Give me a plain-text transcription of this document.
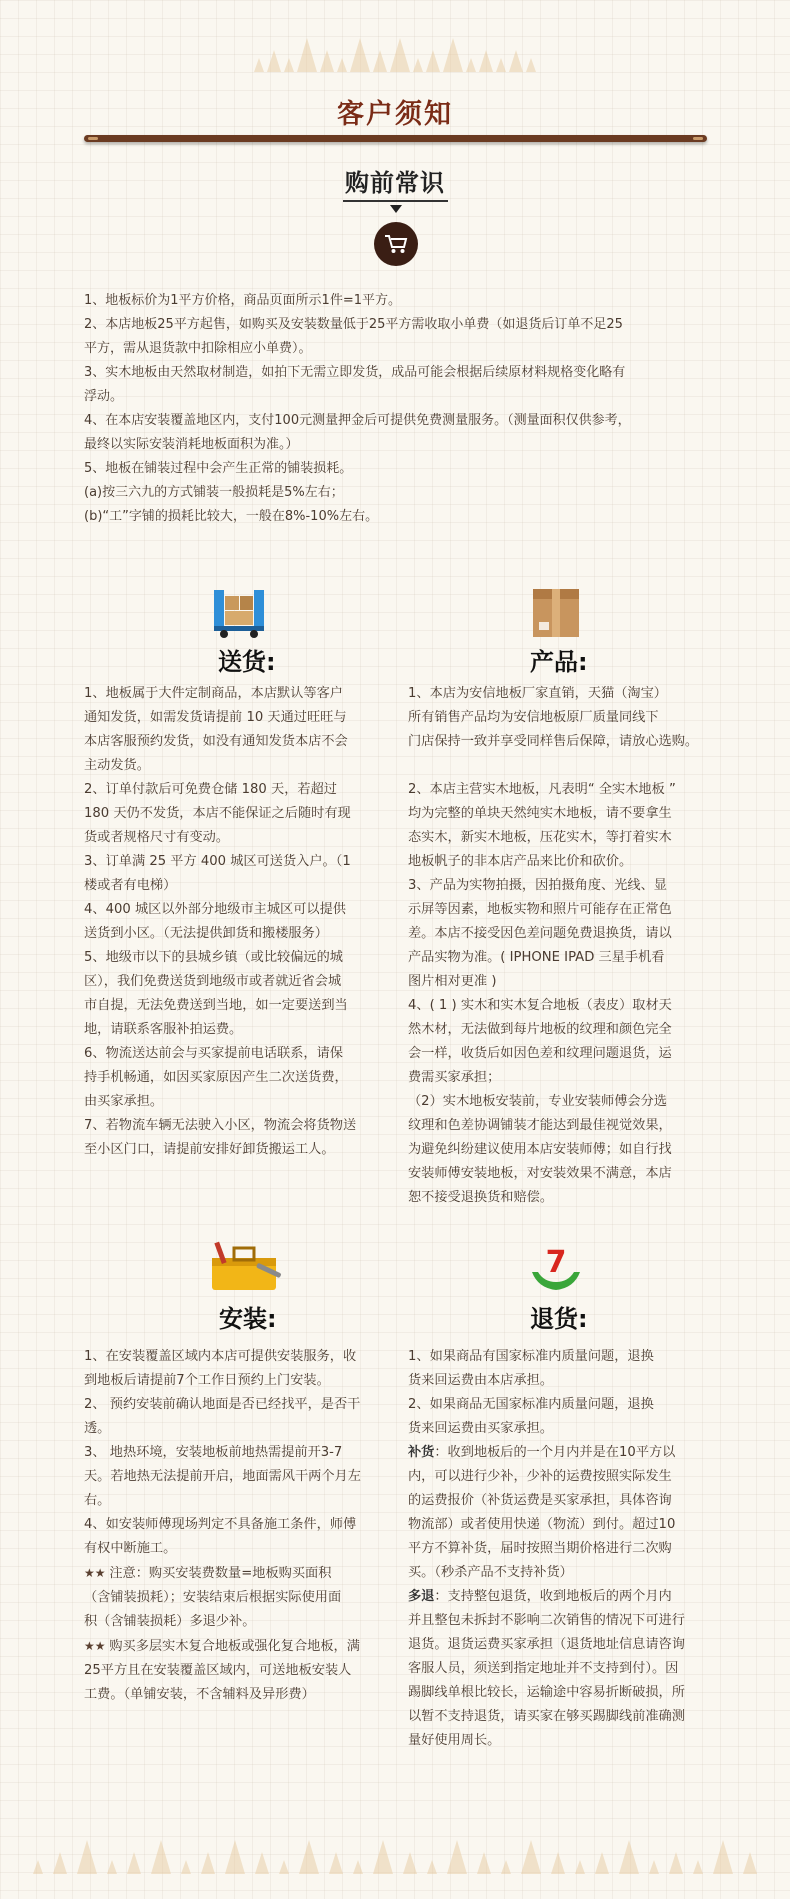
客户须知
购前常识

1、地板标价为1平方价格，商品页面所示1件=1平方。

2、本店地板25平方起售，如购买及安装数量低于25平方需收取小单费（如退货后订单不足25

平方，需从退货款中扣除相应小单费）。

3、实木地板由天然取材制造，如拍下无需立即发货，成品可能会根据后续原材料规格变化略有

浮动。

4、在本店安装覆盖地区内，支付100元测量押金后可提供免费测量服务。（测量面积仅供参考，

最终以实际安装消耗地板面积为准。）

5、地板在铺装过程中会产生正常的铺装损耗。

(a)按三六九的方式铺装一般损耗是5%左右；

(b)“工”字铺的损耗比较大，一般在8%-10%左右。

送货:

1、地板属于大件定制商品，本店默认等客户

通知发货，如需发货请提前 10 天通过旺旺与

本店客服预约发货，如没有通知发货本店不会

主动发货。

2、订单付款后可免费仓储 180 天，若超过

180 天仍不发货，本店不能保证之后随时有现

货或者规格尺寸有变动。

3、订单满 25 平方 400 城区可送货入户。（1

楼或者有电梯）

4、400 城区以外部分地级市主城区可以提供

送货到小区。（无法提供卸货和搬楼服务）

5、地级市以下的县城乡镇（或比较偏远的城

区），我们免费送货到地级市或者就近省会城

市自提，无法免费送到当地，如一定要送到当

地，请联系客服补拍运费。

6、物流送达前会与买家提前电话联系，请保

持手机畅通，如因买家原因产生二次送货费，

由买家承担。

7、若物流车辆无法驶入小区，物流会将货物送

至小区门口，请提前安排好卸货搬运工人。

产品:

1、本店为安信地板厂家直销，天猫（淘宝）

所有销售产品均为安信地板原厂质量同线下

门店保持一致并享受同样售后保障，请放心选购。

2、本店主营实木地板，凡表明“ 全实木地板 ”

均为完整的单块天然纯实木地板，请不要拿生

态实木，新实木地板，压花实木，等打着实木

地板帆子的非本店产品来比价和砍价。

3、产品为实物拍摄，因拍摄角度、光线、显

示屏等因素，地板实物和照片可能存在正常色

差。本店不接受因色差问题免费退换货，请以

产品实物为准。( IPHONE IPAD 三星手机看

图片相对更准 )

4、( 1 ) 实木和实木复合地板（表皮）取材天

然木材，无法做到每片地板的纹理和颜色完全

会一样，收货后如因色差和纹理问题退货，运

费需买家承担；

（2）实木地板安装前，专业安装师傅会分选

纹理和色差协调铺装才能达到最佳视觉效果，

为避免纠纷建议使用本店安装师傅；如自行找

安装师傅安装地板，对安装效果不满意，本店

恕不接受退换货和赔偿。

安装:

1、在安装覆盖区域内本店可提供安装服务，收

到地板后请提前7个工作日预约上门安装。

2、 预约安装前确认地面是否已经找平，是否干

透。

3、 地热环境，安装地板前地热需提前开3-7

天。若地热无法提前开启，地面需风干两个月左

右。

4、如安装师傅现场判定不具备施工条件，师傅

有权中断施工。

★★ 注意：购买安装费数量=地板购买面积

（含铺装损耗）；安装结束后根据实际使用面

积（含铺装损耗）多退少补。

★★ 购买多层实木复合地板或强化复合地板，满

25平方且在安装覆盖区域内，可送地板安装人

工费。（单铺安装，不含辅料及异形费）

7
退货:

1、如果商品有国家标准内质量问题，退换

货来回运费由本店承担。

2、如果商品无国家标准内质量问题，退换

货来回运费由买家承担。

补货：收到地板后的一个月内并是在10平方以

内，可以进行少补，少补的运费按照实际发生

的运费报价（补货运费是买家承担，具体咨询

物流部）或者使用快递（物流）到付。超过10

平方不算补货，届时按照当期价格进行二次购

买。（秒杀产品不支持补货）

多退：支持整包退货，收到地板后的两个月内

并且整包未拆封不影响二次销售的情况下可进行

退货。退货运费买家承担（退货地址信息请咨询

客服人员，须送到指定地址并不支持到付）。因

踢脚线单根比较长，运输途中容易折断破损，所

以暂不支持退货，请买家在够买踢脚线前准确测

量好使用周长。
